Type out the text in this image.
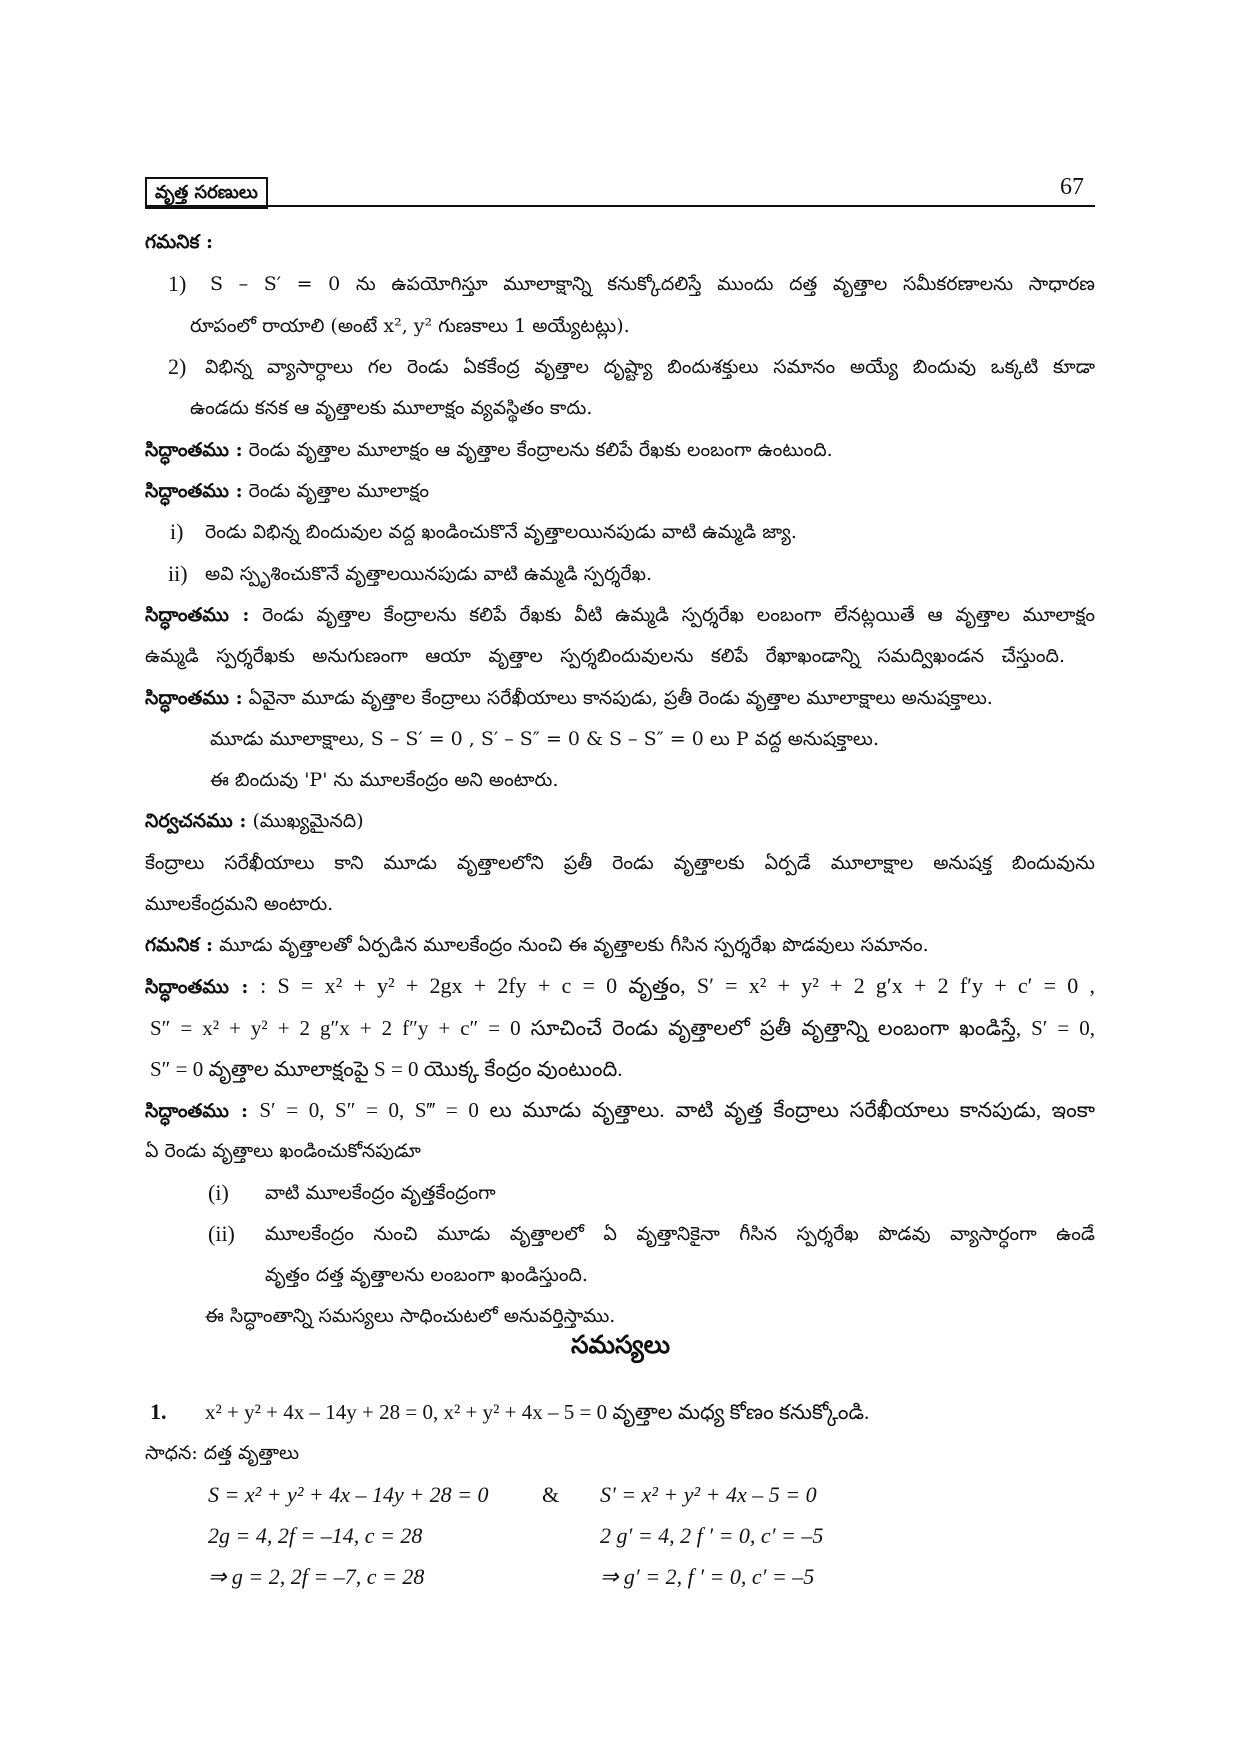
వృత్త సరణులు	67
గమనిక :
1) S – S′ = 0 ను ఉపయోగిస్తూ మూలాక్షాన్ని కనుక్కోదలిస్తే ముందు దత్త వృత్తాల సమీకరణాలను సాధారణ
రూపంలో రాయాలి (అంటే x², y² గుణకాలు 1 అయ్యేటట్లు).
2) విభిన్న వ్యాసార్ధాలు గల రెండు ఏకకేంద్ర వృత్తాల దృష్ట్యా బిందుశక్తులు సమానం అయ్యే బిందువు ఒక్కటి కూడా
ఉండదు కనక ఆ వృత్తాలకు మూలాక్షం వ్యవస్థితం కాదు.
సిద్ధాంతము : రెండు వృత్తాల మూలాక్షం ఆ వృత్తాల కేంద్రాలను కలిపే రేఖకు లంబంగా ఉంటుంది.
సిద్ధాంతము : రెండు వృత్తాల మూలాక్షం
i) రెండు విభిన్న బిందువుల వద్ద ఖండించుకొనే వృత్తాలయినపుడు వాటి ఉమ్మడి జ్యా.
ii) అవి స్పృశించుకొనే వృత్తాలయినపుడు వాటి ఉమ్మడి స్పర్శరేఖ.
సిద్ధాంతము : రెండు వృత్తాల కేంద్రాలను కలిపే రేఖకు వీటి ఉమ్మడి స్పర్శరేఖ లంబంగా లేనట్లయితే ఆ వృత్తాల మూలాక్షం
ఉమ్మడి స్పర్శరేఖకు అనుగుణంగా ఆయా వృత్తాల స్పర్శబిందువులను కలిపే రేఖాఖండాన్ని సమద్విఖండన చేస్తుంది.
సిద్ధాంతము : ఏవైనా మూడు వృత్తాల కేంద్రాలు సరేఖీయాలు కానపుడు, ప్రతీ రెండు వృత్తాల మూలాక్షాలు అనుషక్తాలు.
మూడు మూలాక్షాలు, S – S′ = 0 , S′ – S″ = 0 & S – S″ = 0 లు P వద్ద అనుషక్తాలు.
ఈ బిందువు 'P' ను మూలకేంద్రం అని అంటారు.
నిర్వచనము : (ముఖ్యమైనది)
కేంద్రాలు సరేఖీయాలు కాని మూడు వృత్తాలలోని ప్రతీ రెండు వృత్తాలకు ఏర్పడే మూలాక్షాల అనుషక్త బిందువును
మూలకేంద్రమని అంటారు.
గమనిక : మూడు వృత్తాలతో ఏర్పడిన మూలకేంద్రం నుంచి ఈ వృత్తాలకు గీసిన స్పర్శరేఖ పొడవులు సమానం.
సిద్ధాంతము : : S = x² + y² + 2gx + 2fy + c = 0 వృత్తం, S′ = x² + y² + 2 g′x + 2 f′y + c′ = 0 ,
S″ = x² + y² + 2 g″x + 2 f″y + c″ = 0 సూచించే రెండు వృత్తాలలో ప్రతీ వృత్తాన్ని లంబంగా ఖండిస్తే, S′ = 0,
S″ = 0 వృత్తాల మూలాక్షంపై S = 0 యొక్క కేంద్రం వుంటుంది.
సిద్ధాంతము : S′ = 0, S″ = 0, S‴ = 0 లు మూడు వృత్తాలు. వాటి వృత్త కేంద్రాలు సరేఖీయాలు కానపుడు, ఇంకా
ఏ రెండు వృత్తాలు ఖండించుకోనపుడూ
(i) వాటి మూలకేంద్రం వృత్తకేంద్రంగా
(ii) మూలకేంద్రం నుంచి మూడు వృత్తాలలో ఏ వృత్తానికైనా గీసిన స్పర్శరేఖ పొడవు వ్యాసార్ధంగా ఉండే
వృత్తం దత్త వృత్తాలను లంబంగా ఖండిస్తుంది.
ఈ సిద్ధాంతాన్ని సమస్యలు సాధించుటలో అనువర్తిస్తాము.
సమస్యలు
1. x² + y² + 4x – 14y + 28 = 0, x² + y² + 4x – 5 = 0 వృత్తాల మధ్య కోణం కనుక్కోండి.
సాధన: దత్త వృత్తాలు
S = x² + y² + 4x – 14y + 28 = 0 & S' = x² + y² + 4x – 5 = 0
2g = 4, 2f = –14, c = 28	2 g′ = 4, 2 f ′ = 0, c′ = –5
⇒ g = 2, 2f = –7, c = 28	⇒ g′ = 2, f ′ = 0, c′ = –5
